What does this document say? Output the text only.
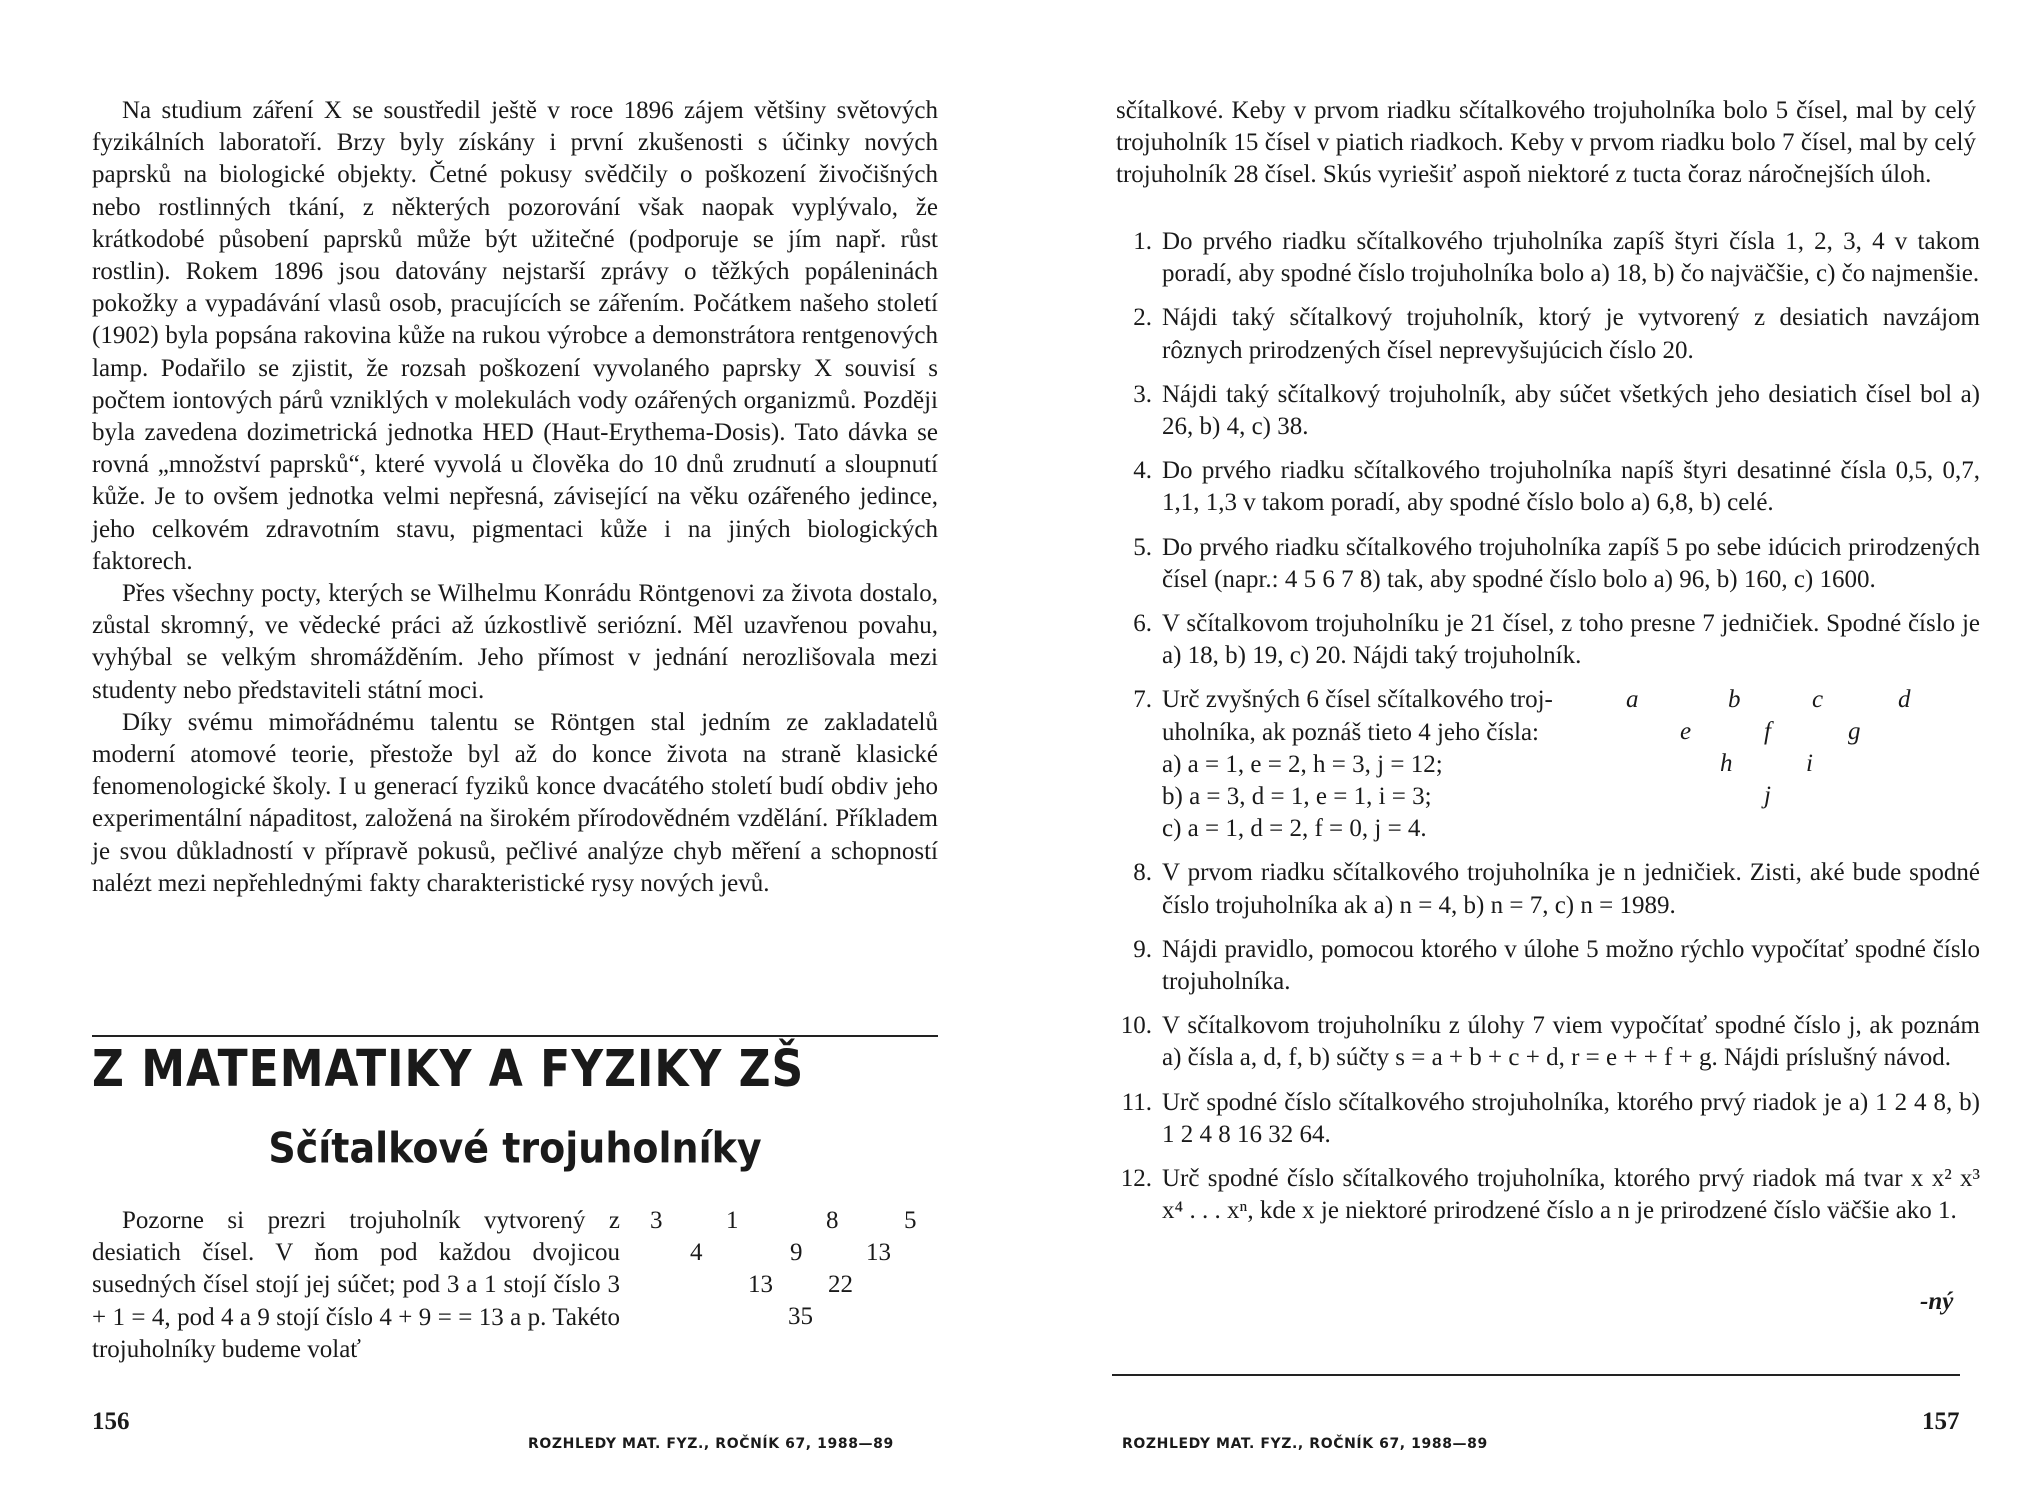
Na studium záření X se soustředil ještě v roce 1896 zájem většiny světových fyzikálních laboratoří. Brzy byly získány i první zkušenosti s účinky nových paprsků na biologické objekty. Četné pokusy svědčily o poškození živočišných nebo rostlinných tkání, z některých pozorování však naopak vyplývalo, že krátkodobé působení paprsků může být užitečné (podporuje se jím např. růst rostlin). Rokem 1896 jsou datovány nejstarší zprávy o těžkých popáleninách pokožky a vypadávání vlasů osob, pracujících se zářením. Počátkem našeho století (1902) byla popsána rakovina kůže na rukou výrobce a demonstrátora rentgenových lamp. Podařilo se zjistit, že rozsah poškození vyvolaného paprsky X souvisí s počtem iontových párů vzniklých v molekulách vody ozářených organizmů. Později byla zavedena dozimetrická jednotka HED (Haut-Erythema-Dosis). Tato dávka se rovná „množství paprsků“, které vyvolá u člověka do 10 dnů zrudnutí a sloupnutí kůže. Je to ovšem jednotka velmi nepřesná, závisející na věku ozářeného jedince, jeho celkovém zdravotním stavu, pigmentaci kůže i na jiných biologických faktorech.

Přes všechny pocty, kterých se Wilhelmu Konrádu Röntgenovi za života dostalo, zůstal skromný, ve vědecké práci až úzkostlivě seriózní. Měl uzavřenou povahu, vyhýbal se velkým shromážděním. Jeho přímost v jednání nerozlišovala mezi studenty nebo představiteli státní moci.

Díky svému mimořádnému talentu se Röntgen stal jedním ze zakladatelů moderní atomové teorie, přestože byl až do konce života na straně klasické fenomenologické školy. I u generací fyziků konce dvacátého století budí obdiv jeho experimentální nápaditost, založená na širokém přírodovědném vzdělání. Příkladem je svou důkladností v přípravě pokusů, pečlivé analýze chyb měření a schopností nalézt mezi nepřehlednými fakty charakteristické rysy nových jevů.

Z MATEMATIKY A FYZIKY ZŠ
Sčítalkové trojuholníky

Pozorne si prezri trojuholník vytvorený z desiatich čísel. V ňom pod každou dvojicou susedných čísel stojí jej súčet; pod 3 a 1 stojí číslo 3 + 1 = 4, pod 4 a 9 stojí číslo 4 + 9 = = 13 a p. Takéto trojuholníky budeme volať

3	1	8	5
4	9	13
13 22
35
156
ROZHLEDY MAT. FYZ., ROČNÍK 67, 1988—89

sčítalkové. Keby v prvom riadku sčítalkového trojuholníka bolo 5 čísel, mal by celý trojuholník 15 čísel v piatich riadkoch. Keby v prvom riadku bolo 7 čísel, mal by celý trojuholník 28 čísel. Skús vyriešiť aspoň niektoré z tucta čoraz náročnejších úloh.

1. Do prvého riadku sčítalkového trjuholníka zapíš štyri čísla 1, 2, 3, 4 v takom poradí, aby spodné číslo trojuholníka bolo a) 18, b) čo najväčšie, c) čo najmenšie.
2. Nájdi taký sčítalkový trojuholník, ktorý je vytvorený z desiatich navzájom rôznych prirodzených čísel neprevyšujúcich číslo 20.
3. Nájdi taký sčítalkový trojuholník, aby súčet všetkých jeho desiatich čísel bol a) 26, b) 4, c) 38.
4. Do prvého riadku sčítalkového trojuholníka napíš štyri desatinné čísla 0,5, 0,7, 1,1, 1,3 v takom poradí, aby spodné číslo bolo a) 6,8, b) celé.
5. Do prvého riadku sčítalkového trojuholníka zapíš 5 po sebe idúcich prirodzených čísel (napr.: 4 5 6 7 8) tak, aby spodné číslo bolo a) 96, b) 160, c) 1600.
6. V sčítalkovom trojuholníku je 21 čísel, z toho presne 7 jedničiek. Spodné číslo je a) 18, b) 19, c) 20. Nájdi taký trojuholník.
7. Urč zvyšných 6 čísel sčítalkového troj-
uholníka, ak poznáš tieto 4 jeho čísla:
a) a = 1, e = 2, h = 3, j = 12;
b) a = 3, d = 1, e = 1, i = 3;
c) a = 1, d = 2, f = 0, j = 4.
a	b	c	d
e	f	g
h	i
j
8. V prvom riadku sčítalkového trojuholníka je n jedničiek. Zisti, aké bude spodné číslo trojuholníka ak a) n = 4, b) n = 7, c) n = 1989.
9. Nájdi pravidlo, pomocou ktorého v úlohe 5 možno rýchlo vypočítať spodné číslo trojuholníka.
10. V sčítalkovom trojuholníku z úlohy 7 viem vypočítať spodné číslo j, ak poznám a) čísla a, d, f, b) súčty s = a + b + c + d, r = e + + f + g. Nájdi príslušný návod.
11. Urč spodné číslo sčítalkového strojuholníka, ktorého prvý riadok je a) 1 2 4 8, b) 1 2 4 8 16 32 64.
12. Urč spodné číslo sčítalkového trojuholníka, ktorého prvý riadok má tvar x x² x³ x⁴ . . . xⁿ, kde x je niektoré prirodzené číslo a n je prirodzené číslo väčšie ako 1.
-ný
ROZHLEDY MAT. FYZ., ROČNÍK 67, 1988—89
157
